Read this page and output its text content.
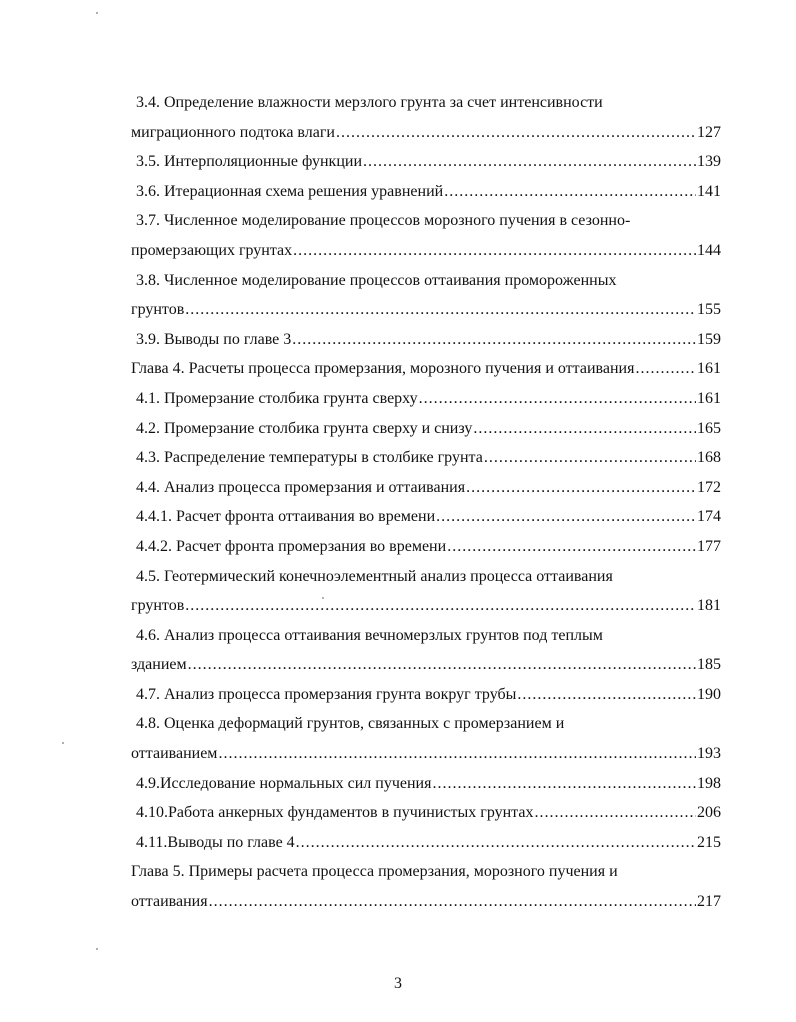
3.4. Определение влажности мерзлого грунта за счет интенсивности
миграционного подтока влаги .....	127
3.5. Интерполяционные функции .....	139
3.6. Итерационная схема решения уравнений .....	141
3.7. Численное моделирование процессов морозного пучения в сезонно-
промерзающих грунтах .....	144
3.8. Численное моделирование процессов оттаивания промороженных
грунтов .....	155
3.9. Выводы по главе 3 .....	159
Глава 4. Расчеты процесса промерзания, морозного пучения и оттаивания .....	161
4.1. Промерзание столбика грунта сверху .....	161
4.2. Промерзание столбика грунта сверху и снизу .....	165
4.3. Распределение температуры в столбике грунта .....	168
4.4. Анализ процесса промерзания и оттаивания .....	172
4.4.1. Расчет фронта оттаивания во времени .....	174
4.4.2. Расчет фронта промерзания во времени .....	177
4.5. Геотермический конечноэлементный анализ процесса оттаивания
грунтов .....	181
4.6. Анализ процесса оттаивания вечномерзлых грунтов под теплым
зданием .....	185
4.7. Анализ процесса промерзания грунта вокруг трубы .....	190
4.8. Оценка деформаций грунтов, связанных с промерзанием и
оттаиванием .....	193
4.9.Исследование нормальных сил пучения .....	198
4.10.Работа анкерных фундаментов в пучинистых грунтах .....	206
4.11.Выводы по главе 4 .....	215
Глава 5. Примеры расчета процесса промерзания, морозного пучения и
оттаивания .....	217
3
